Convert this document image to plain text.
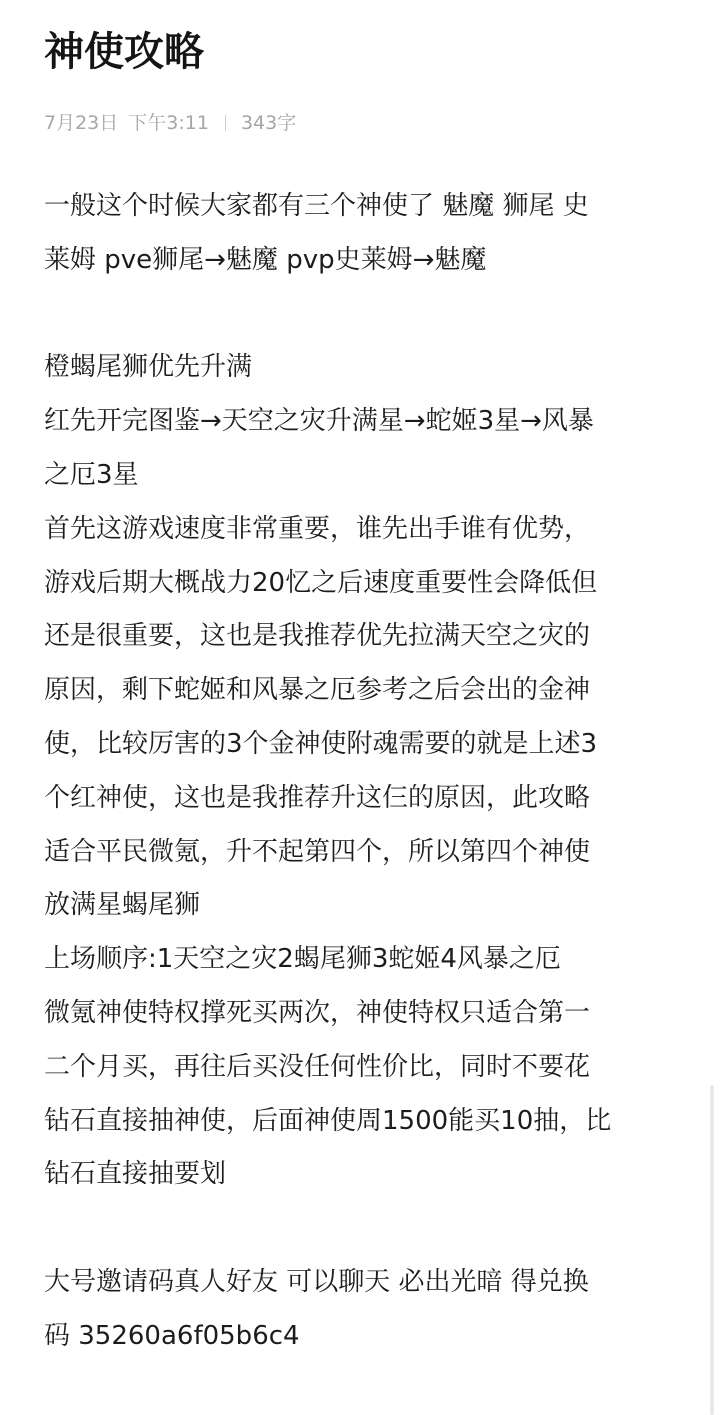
神使攻略
7月23日 下午3:11 343字
一般这个时候大家都有三个神使了 魅魔 狮尾 史
莱姆 pve狮尾→魅魔 pvp史莱姆→魅魔
橙蝎尾狮优先升满
红先开完图鉴→天空之灾升满星→蛇姬3星→风暴
之厄3星
首先这游戏速度非常重要，谁先出手谁有优势，
游戏后期大概战力20忆之后速度重要性会降低但
还是很重要，这也是我推荐优先拉满天空之灾的
原因，剩下蛇姬和风暴之厄参考之后会出的金神
使，比较厉害的3个金神使附魂需要的就是上述3
个红神使，这也是我推荐升这仨的原因，此攻略
适合平民微氪，升不起第四个，所以第四个神使
放满星蝎尾狮
上场顺序:1天空之灾2蝎尾狮3蛇姬4风暴之厄
微氪神使特权撑死买两次，神使特权只适合第一
二个月买，再往后买没任何性价比，同时不要花
钻石直接抽神使，后面神使周1500能买10抽，比
钻石直接抽要划
大号邀请码真人好友 可以聊天 必出光暗 得兑换
码 35260a6f05b6c4
